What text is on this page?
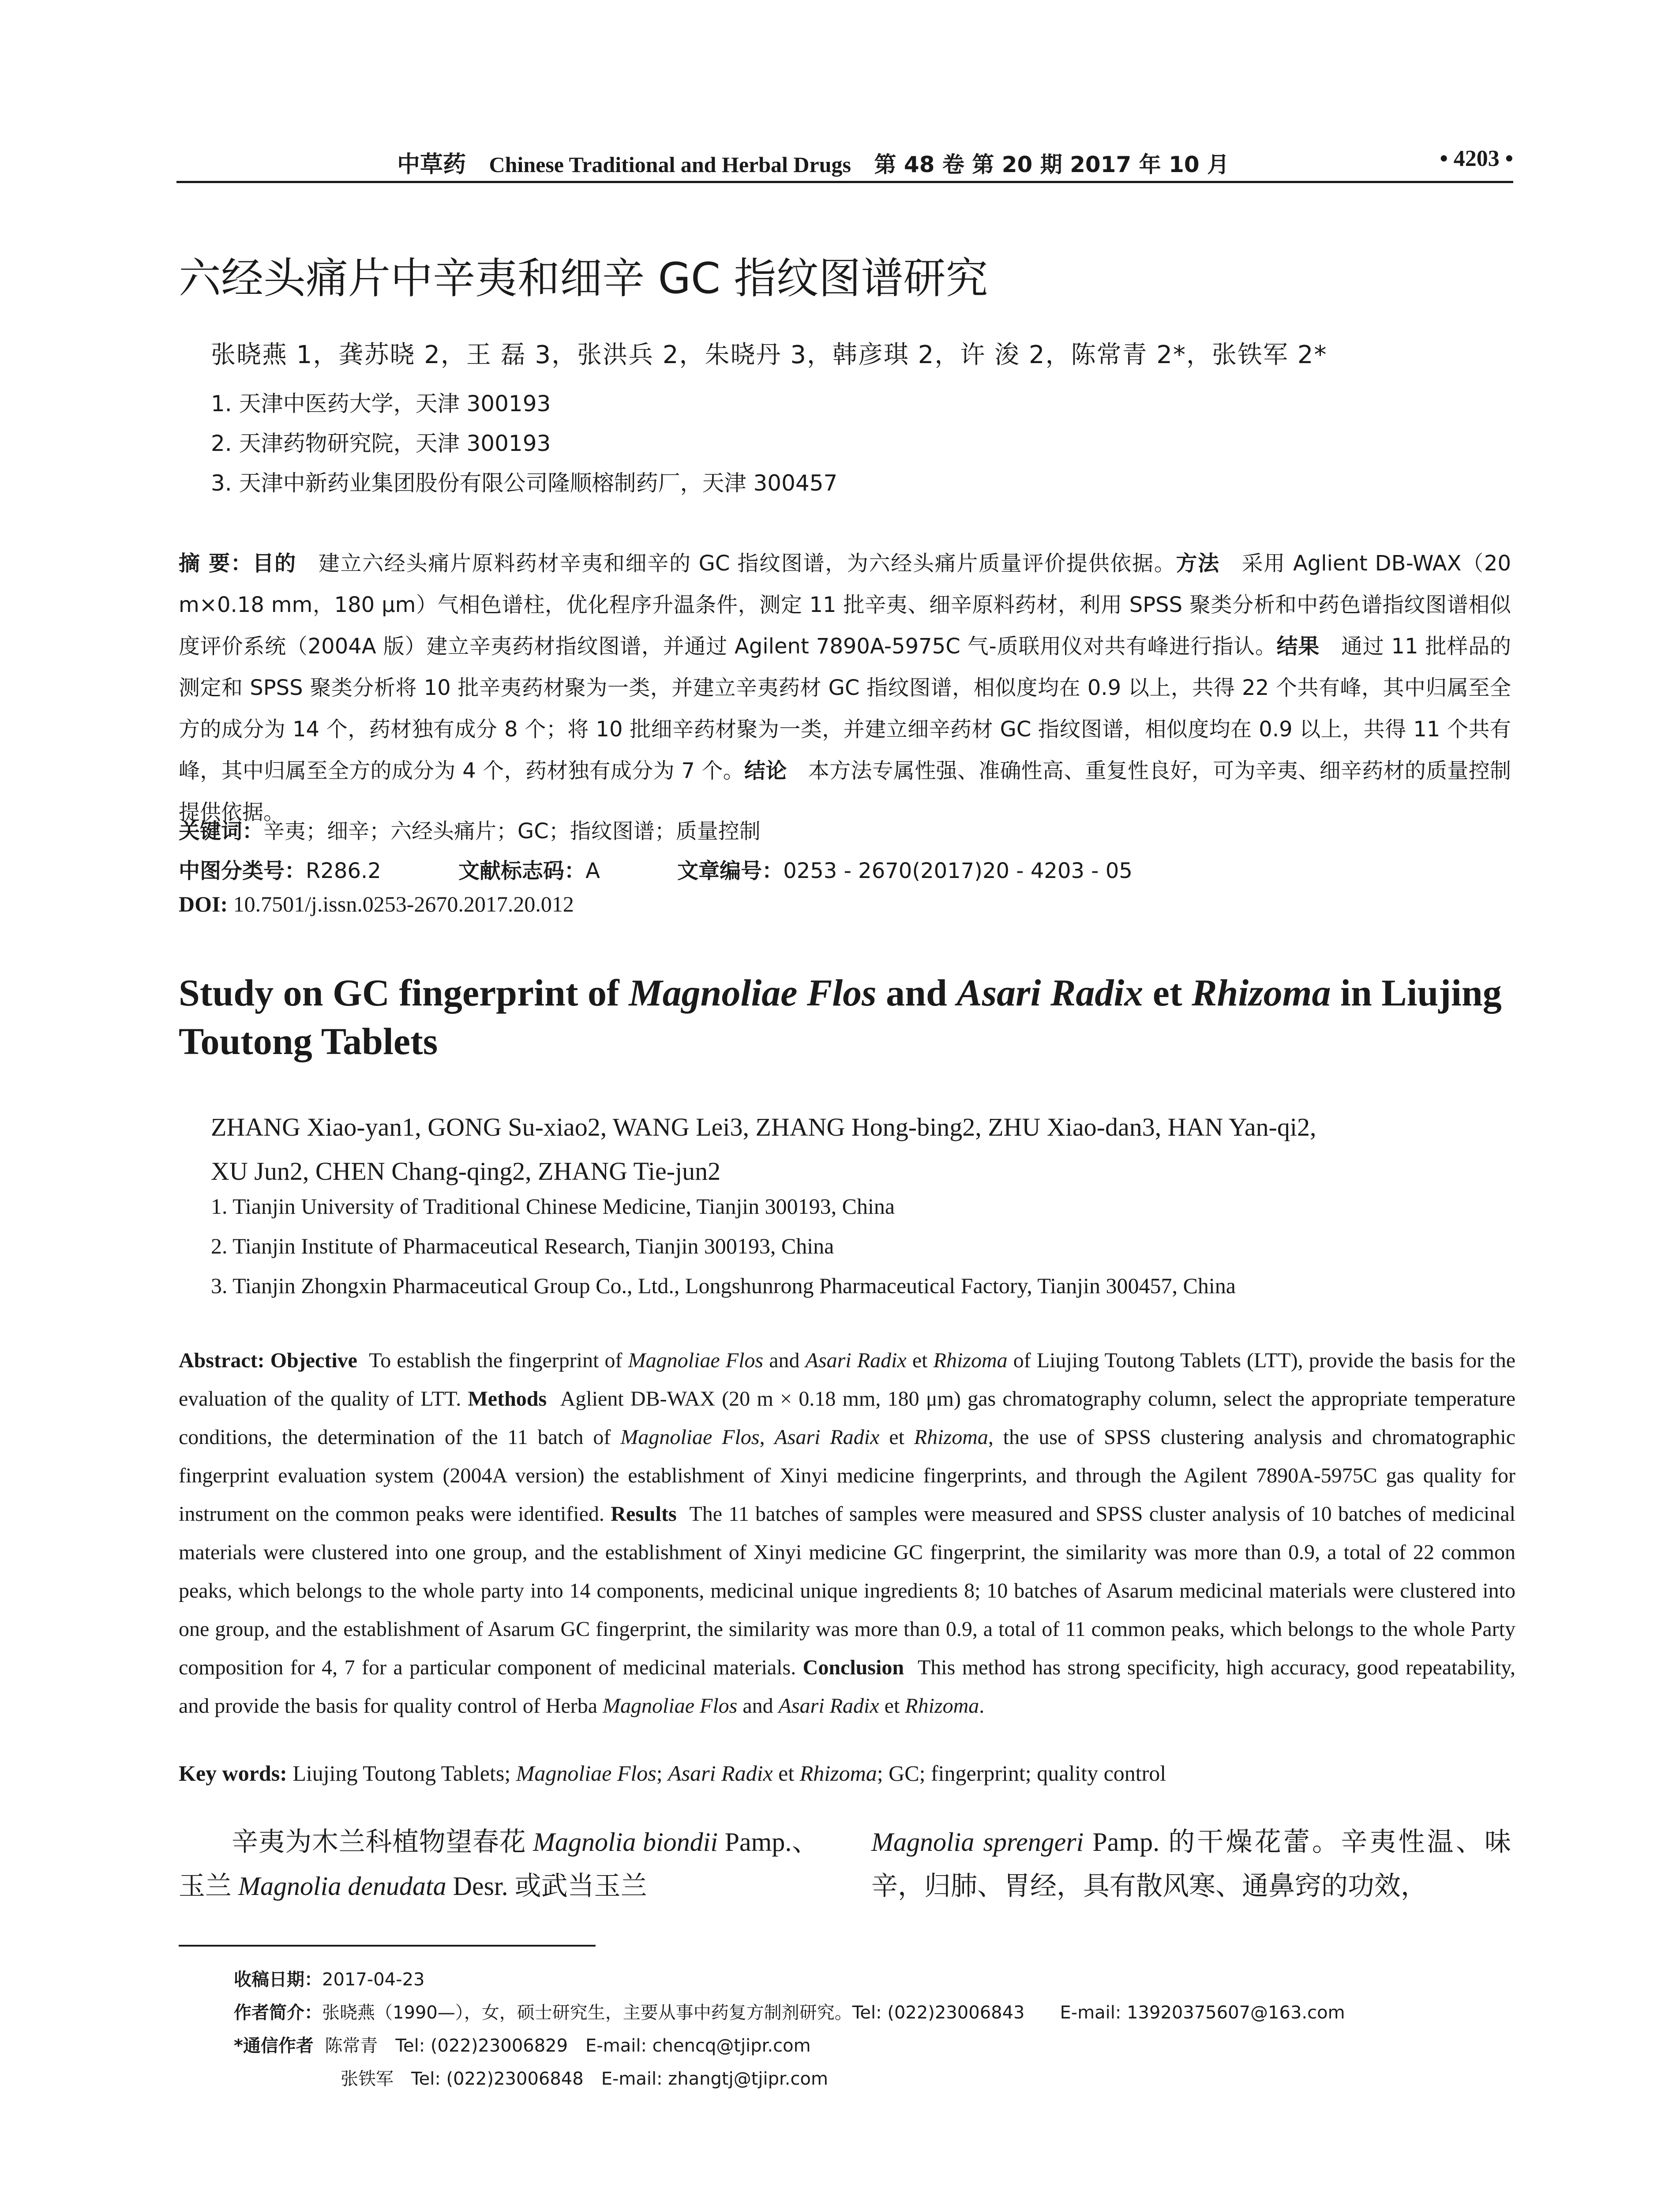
中草药 Chinese Traditional and Herbal Drugs 第 48 卷 第 20 期 2017 年 10 月	• 4203 •
六经头痛片中辛夷和细辛 GC 指纹图谱研究
张晓燕 1，龚苏晓 2，王 磊 3，张洪兵 2，朱晓丹 3，韩彦琪 2，许 浚 2，陈常青 2*，张铁军 2*
1. 天津中医药大学，天津 300193
2. 天津药物研究院，天津 300193
3. 天津中新药业集团股份有限公司隆顺榕制药厂，天津 300457
摘 要：目的　 建立六经头痛片原料药材辛夷和细辛的 GC 指纹图谱，为六经头痛片质量评价提供依据。方法　 采用 Aglient DB-WAX（20 m×0.18 mm，180 μm）气相色谱柱，优化程序升温条件，测定 11 批辛夷、细辛原料药材，利用 SPSS 聚类分析和中药色谱指纹图谱相似度评价系统（2004A 版）建立辛夷药材指纹图谱，并通过 Agilent 7890A-5975C 气-质联用仪对共有峰进行指认。结果　 通过 11 批样品的测定和 SPSS 聚类分析将 10 批辛夷药材聚为一类，并建立辛夷药材 GC 指纹图谱，相似度均在 0.9 以上，共得 22 个共有峰，其中归属至全方的成分为 14 个，药材独有成分 8 个；将 10 批细辛药材聚为一类，并建立细辛药材 GC 指纹图谱，相似度均在 0.9 以上，共得 11 个共有峰，其中归属至全方的成分为 4 个，药材独有成分为 7 个。结论　 本方法专属性强、准确性高、重复性良好，可为辛夷、细辛药材的质量控制提供依据。
关键词：辛夷；细辛；六经头痛片；GC；指纹图谱；质量控制
中图分类号：R286.2	文献标志码：A	文章编号：0253 - 2670(2017)20 - 4203 - 05
DOI: 10.7501/j.issn.0253-2670.2017.20.012
Study on GC fingerprint of Magnoliae Flos and Asari Radix et Rhizoma in Liujing Toutong Tablets
ZHANG Xiao-yan1, GONG Su-xiao2, WANG Lei3, ZHANG Hong-bing2, ZHU Xiao-dan3, HAN Yan-qi2,
XU Jun2, CHEN Chang-qing2, ZHANG Tie-jun2
1. Tianjin University of Traditional Chinese Medicine, Tianjin 300193, China
2. Tianjin Institute of Pharmaceutical Research, Tianjin 300193, China
3. Tianjin Zhongxin Pharmaceutical Group Co., Ltd., Longshunrong Pharmaceutical Factory, Tianjin 300457, China
Abstract: Objective To establish the fingerprint of Magnoliae Flos and Asari Radix et Rhizoma of Liujing Toutong Tablets (LTT), provide the basis for the evaluation of the quality of LTT. Methods Aglient DB-WAX (20 m × 0.18 mm, 180 μm) gas chromatography column, select the appropriate temperature conditions, the determination of the 11 batch of Magnoliae Flos, Asari Radix et Rhizoma, the use of SPSS clustering analysis and chromatographic fingerprint evaluation system (2004A version) the establishment of Xinyi medicine fingerprints, and through the Agilent 7890A-5975C gas quality for instrument on the common peaks were identified. Results The 11 batches of samples were measured and SPSS cluster analysis of 10 batches of medicinal materials were clustered into one group, and the establishment of Xinyi medicine GC fingerprint, the similarity was more than 0.9, a total of 22 common peaks, which belongs to the whole party into 14 components, medicinal unique ingredients 8; 10 batches of Asarum medicinal materials were clustered into one group, and the establishment of Asarum GC fingerprint, the similarity was more than 0.9, a total of 11 common peaks, which belongs to the whole Party composition for 4, 7 for a particular component of medicinal materials. Conclusion This method has strong specificity, high accuracy, good repeatability, and provide the basis for quality control of Herba Magnoliae Flos and Asari Radix et Rhizoma.
Key words: Liujing Toutong Tablets; Magnoliae Flos; Asari Radix et Rhizoma; GC; fingerprint; quality control
辛夷为木兰科植物望春花 Magnolia biondii Pamp.、玉兰 Magnolia denudata Desr. 或武当玉兰
Magnolia sprengeri Pamp. 的干燥花蕾。辛夷性温、味辛，归肺、胃经，具有散风寒、通鼻窍的功效，
收稿日期：2017-04-23
作者简介：张晓燕（1990—），女，硕士研究生，主要从事中药复方制剂研究。Tel: (022)23006843　　E-mail: 13920375607@163.com
*通信作者 陈常青　Tel: (022)23006829　E-mail: chencq@tjipr.com
张铁军　Tel: (022)23006848　E-mail: zhangtj@tjipr.com
